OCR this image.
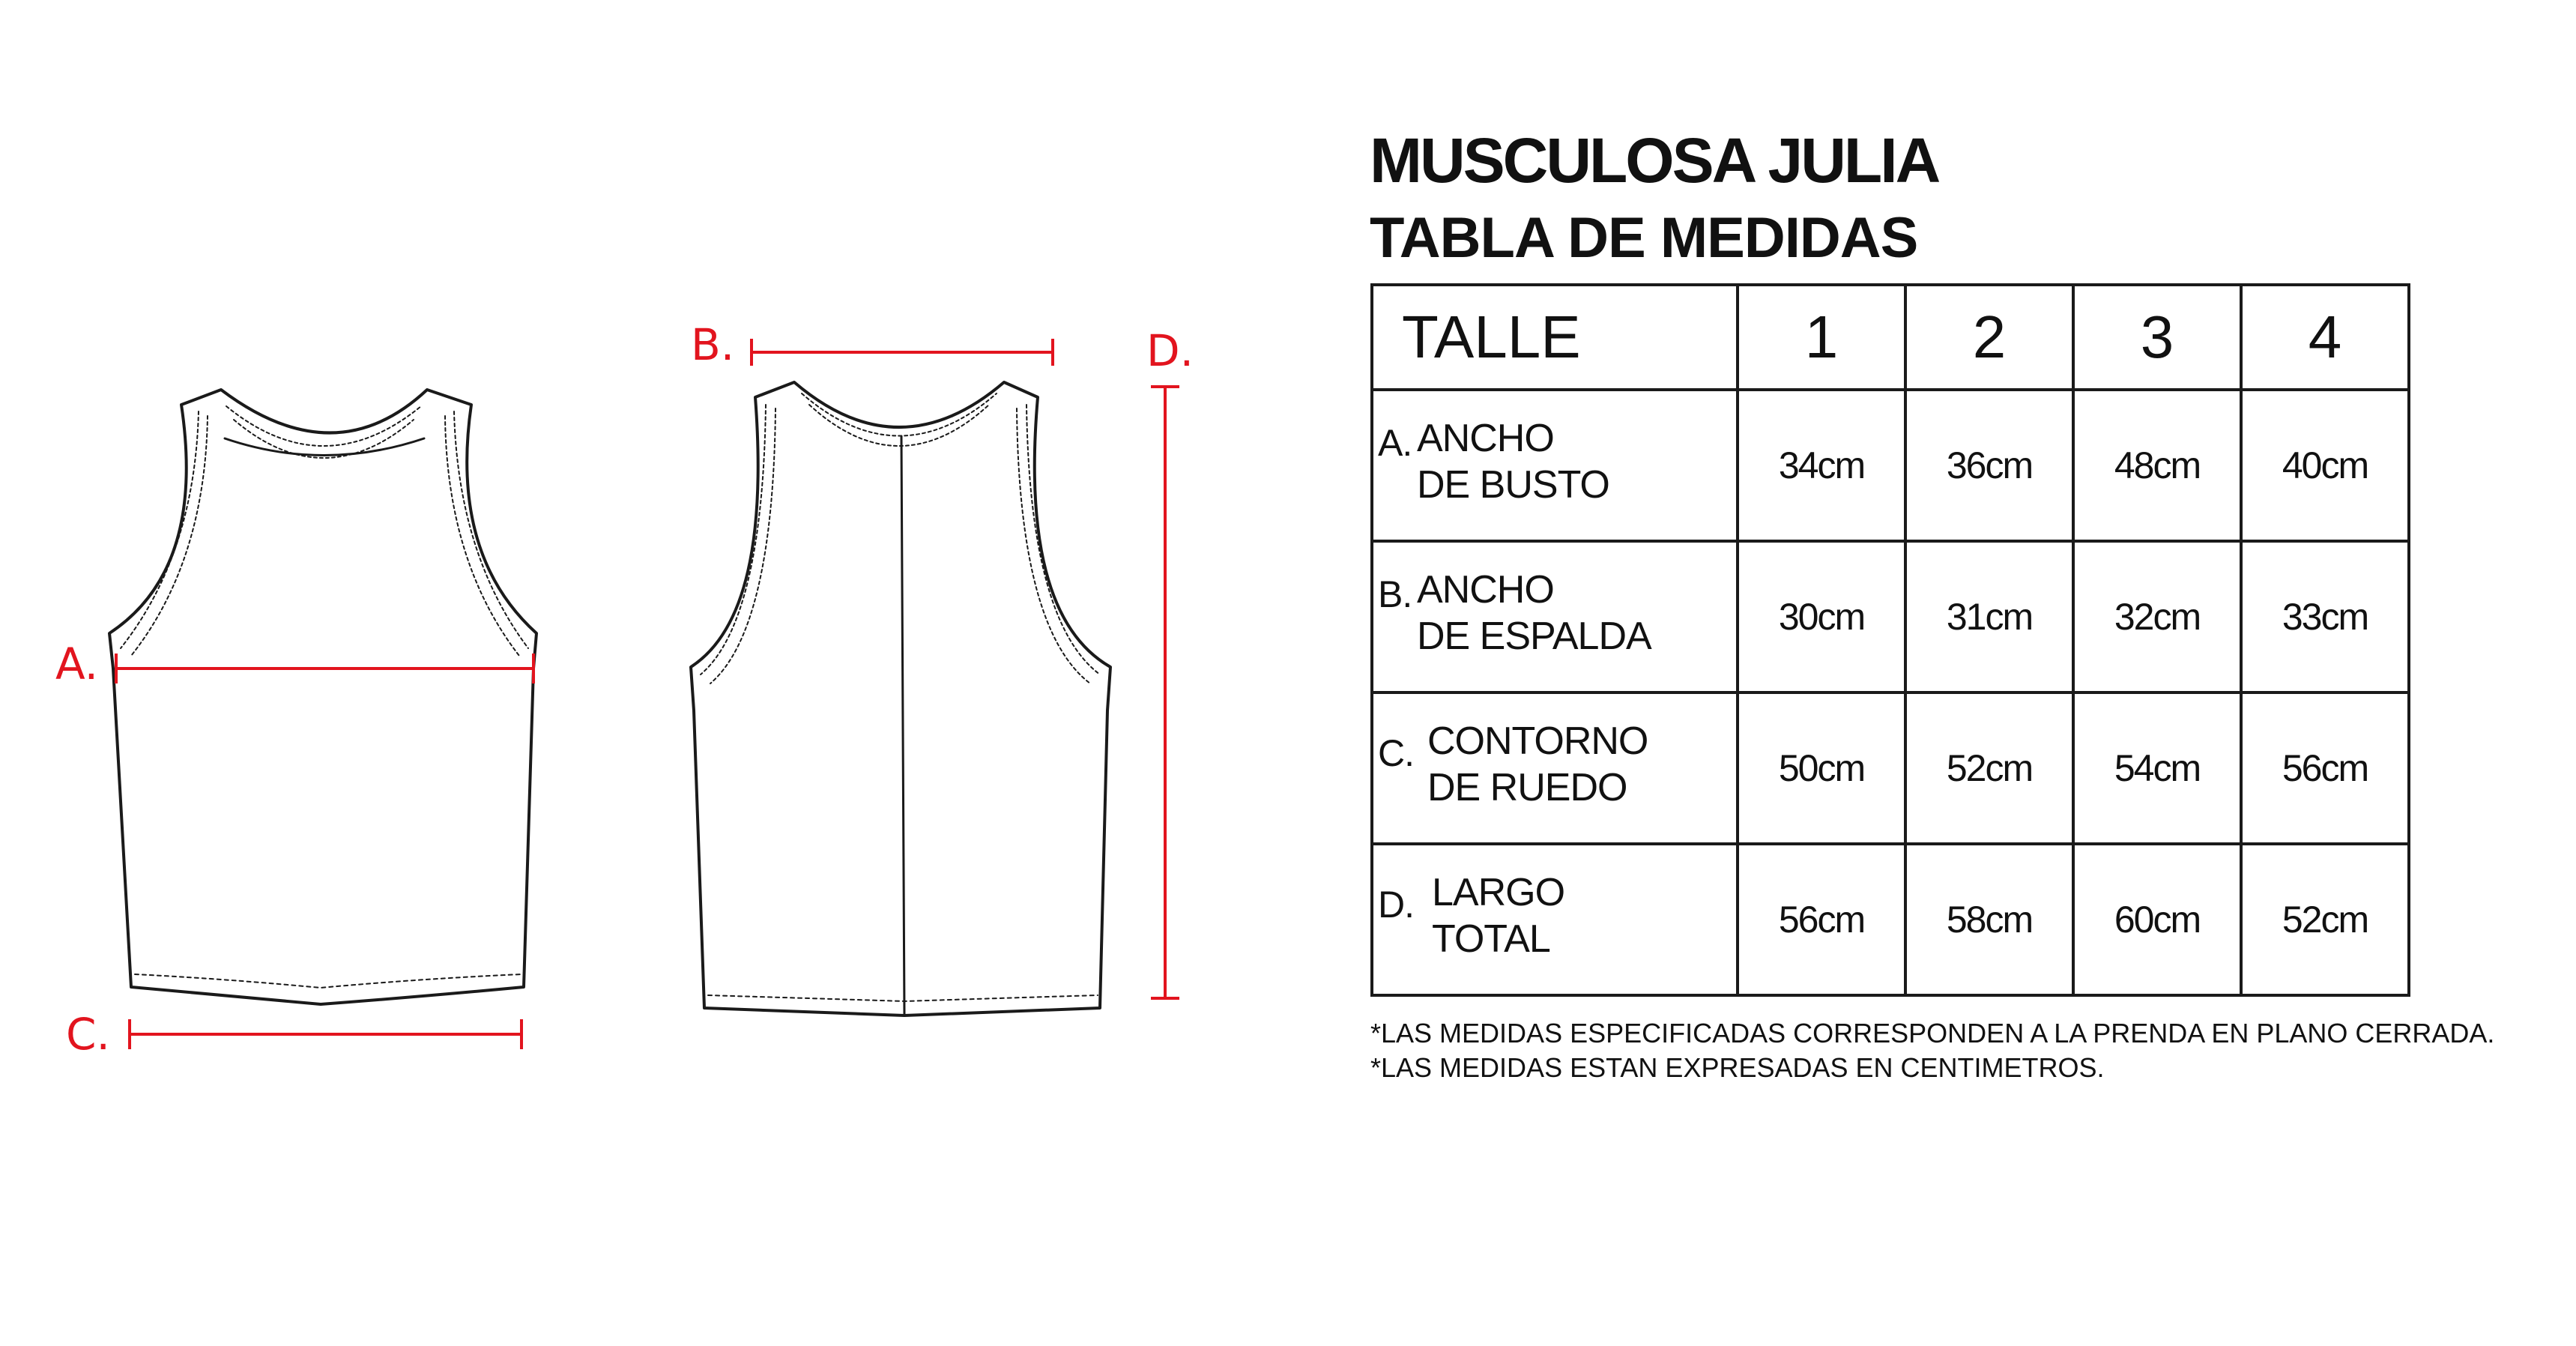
A.
B.
C.
D.
MUSCULOSA JULIA
TABLA DE MEDIDAS
TALLE	1	2	3	4

A. ANCHO
DE BUSTO	34cm	36cm	48cm	40cm

B. ANCHO
DE ESPALDA	30cm	31cm	32cm	33cm

C. CONTORNO
DE RUEDO	50cm	52cm	54cm	56cm

D. LARGO
TOTAL	56cm	58cm	60cm	52cm

*LAS MEDIDAS ESPECIFICADAS CORRESPONDEN A LA PRENDA EN PLANO CERRADA.

*LAS MEDIDAS ESTAN EXPRESADAS EN CENTIMETROS.
